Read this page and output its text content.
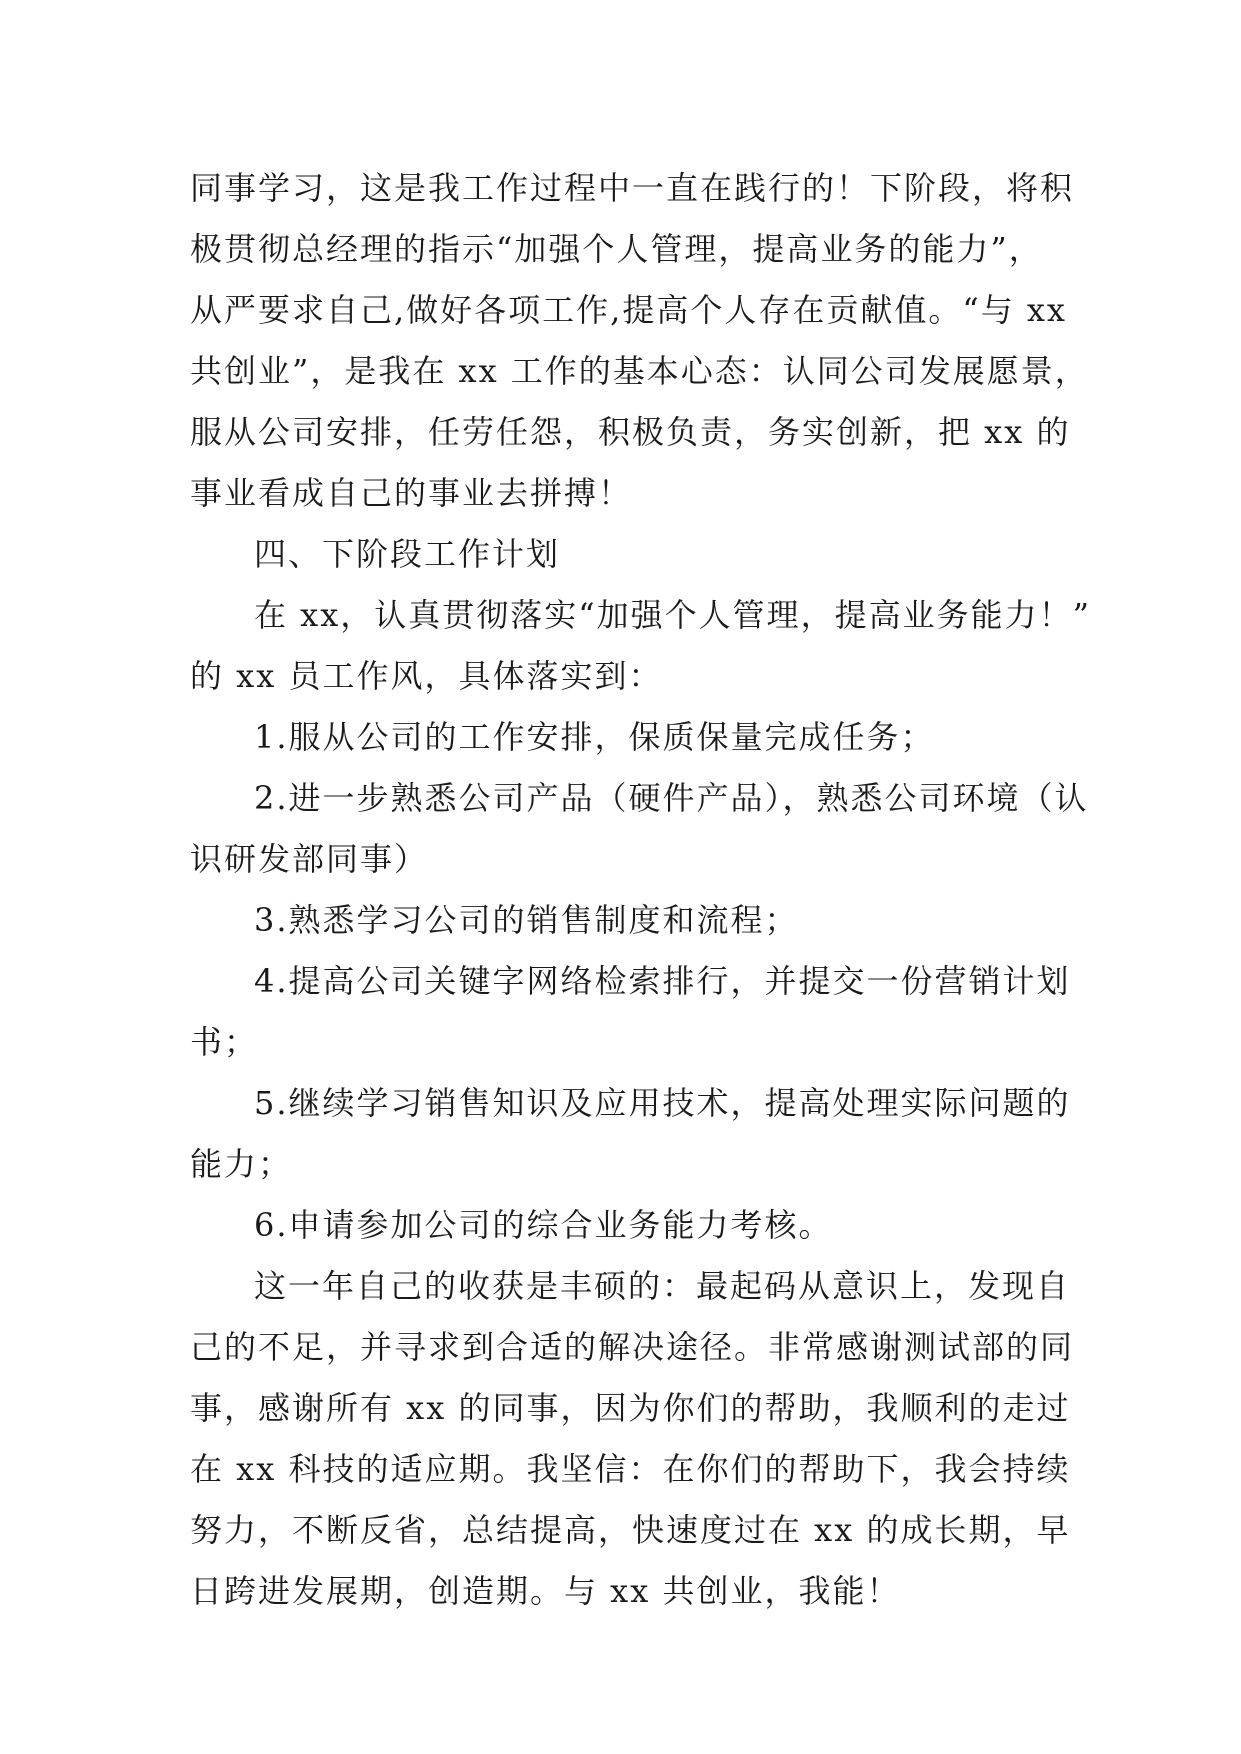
同事学习，这是我工作过程中一直在践行的！下阶段，将积
极贯彻总经理的指示“加强个人管理，提高业务的能力”，
从严要求自己,做好各项工作,提高个人存在贡献值。“与 xx
共创业”，是我在 xx 工作的基本心态：认同公司发展愿景，
服从公司安排，任劳任怨，积极负责，务实创新，把 xx 的
事业看成自己的事业去拼搏！

四、下阶段工作计划

在 xx，认真贯彻落实“加强个人管理，提高业务能力！”
的 xx 员工作风，具体落实到：

1.服从公司的工作安排，保质保量完成任务；

2.进一步熟悉公司产品（硬件产品），熟悉公司环境（认
识研发部同事）

3.熟悉学习公司的销售制度和流程；

4.提高公司关键字网络检索排行，并提交一份营销计划
书；

5.继续学习销售知识及应用技术，提高处理实际问题的
能力；

6.申请参加公司的综合业务能力考核。

这一年自己的收获是丰硕的：最起码从意识上，发现自
己的不足，并寻求到合适的解决途径。非常感谢测试部的同
事，感谢所有 xx 的同事，因为你们的帮助，我顺利的走过
在 xx 科技的适应期。我坚信：在你们的帮助下，我会持续
努力，不断反省，总结提高，快速度过在 xx 的成长期，早
日跨进发展期，创造期。与 xx 共创业，我能！
